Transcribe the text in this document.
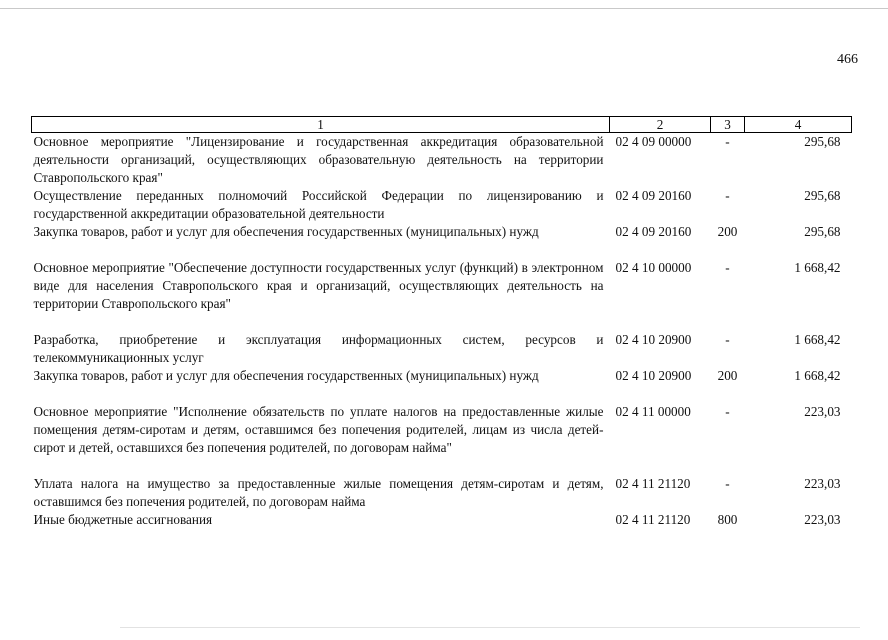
466
1	2	3	4
Основное мероприятие "Лицензирование и государственная аккредитация образовательной деятельности организаций, осуществляющих образовательную деятельность на территории Ставропольского края"	02 4 09 00000	-	295,68
Осуществление переданных полномочий Российской Федерации по лицензированию и государственной аккредитации образовательной деятельности	02 4 09 20160	-	295,68
Закупка товаров, работ и услуг для обеспечения государственных (муниципальных) нужд	02 4 09 20160	200	295,68
Основное мероприятие "Обеспечение доступности государственных услуг (функций) в электронном виде для населения Ставропольского края и организаций, осуществляющих деятельность на территории Ставропольского края"	02 4 10 00000	-	1 668,42
Разработка, приобретение и эксплуатация информационных систем, ресурсов и телекоммуникационных услуг	02 4 10 20900	-	1 668,42
Закупка товаров, работ и услуг для обеспечения государственных (муниципальных) нужд	02 4 10 20900	200	1 668,42
Основное мероприятие "Исполнение обязательств по уплате налогов на предоставленные жилые помещения детям-сиротам и детям, оставшимся без попечения родителей, лицам из числа детей-сирот и детей, оставшихся без попечения родителей, по договорам найма"	02 4 11 00000	-	223,03
Уплата налога на имущество за предоставленные жилые помещения детям-сиротам и детям, оставшимся без попечения родителей, по договорам найма	02 4 11 21120	-	223,03
Иные бюджетные ассигнования	02 4 11 21120	800	223,03
